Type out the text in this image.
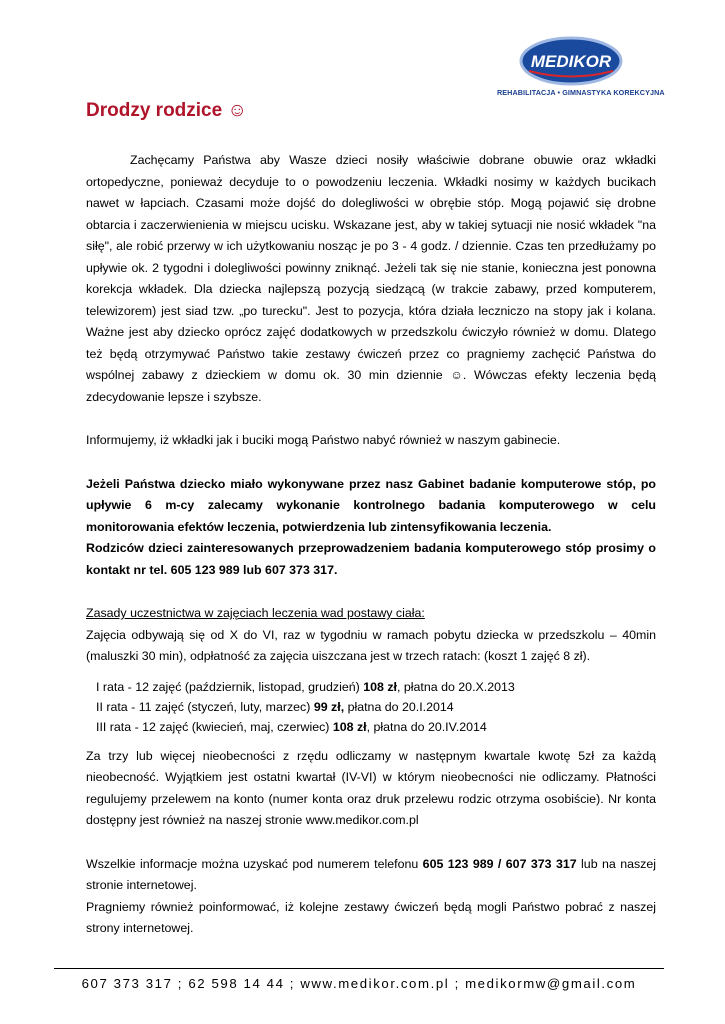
MEDIKOR
REHABILITACJA • GIMNASTYKA KOREKCYJNA
Drodzy rodzice ☺

Zachęcamy Państwa aby Wasze dzieci nosiły właściwie dobrane obuwie oraz wkładki ortopedyczne, ponieważ decyduje to o powodzeniu leczenia. Wkładki nosimy w każdych bucikach nawet w łapciach. Czasami może dojść do dolegliwości w obrębie stóp. Mogą pojawić się drobne obtarcia i zaczerwienienia w miejscu ucisku. Wskazane jest, aby w takiej sytuacji nie nosić wkładek "na siłę", ale robić przerwy w ich użytkowaniu nosząc je po 3 - 4 godz. / dziennie. Czas ten przedłużamy po upływie ok. 2 tygodni i dolegliwości powinny zniknąć. Jeżeli tak się nie stanie, konieczna jest ponowna korekcja wkładek. Dla dziecka najlepszą pozycją siedzącą (w trakcie zabawy, przed komputerem, telewizorem) jest siad tzw. „po turecku". Jest to pozycja, która działa leczniczo na stopy jak i kolana. Ważne jest aby dziecko oprócz zajęć dodatkowych w przedszkolu ćwiczyło również w domu. Dlatego też będą otrzymywać Państwo takie zestawy ćwiczeń przez co pragniemy zachęcić Państwa do wspólnej zabawy z dzieckiem w domu ok. 30 min dziennie ☺. Wówczas efekty leczenia będą zdecydowanie lepsze i szybsze.

Informujemy, iż wkładki jak i buciki mogą Państwo nabyć również w naszym gabinecie.

Jeżeli Państwa dziecko miało wykonywane przez nasz Gabinet badanie komputerowe stóp, po upływie 6 m-cy zalecamy wykonanie kontrolnego badania komputerowego w celu monitorowania efektów leczenia, potwierdzenia lub zintensyfikowania leczenia.

Rodziców dzieci zainteresowanych przeprowadzeniem badania komputerowego stóp prosimy o kontakt nr tel. 605 123 989 lub 607 373 317.

Zasady uczestnictwa w zajęciach leczenia wad postawy ciała:

Zajęcia odbywają się od X do VI, raz w tygodniu w ramach pobytu dziecka w przedszkolu – 40min (maluszki 30 min), odpłatność za zajęcia uiszczana jest w trzech ratach: (koszt 1 zajęć 8 zł).

I rata - 12 zajęć (październik, listopad, grudzień) 108 zł, płatna do 20.X.2013

II rata - 11 zajęć (styczeń, luty, marzec) 99 zł, płatna do 20.I.2014

III rata - 12 zajęć (kwiecień, maj, czerwiec) 108 zł, płatna do 20.IV.2014

Za trzy lub więcej nieobecności z rzędu odliczamy w następnym kwartale kwotę 5zł za każdą nieobecność. Wyjątkiem jest ostatni kwartał (IV-VI) w którym nieobecności nie odliczamy. Płatności regulujemy przelewem na konto (numer konta oraz druk przelewu rodzic otrzyma osobiście). Nr konta dostępny jest również na naszej stronie www.medikor.com.pl

Wszelkie informacje można uzyskać pod numerem telefonu 605 123 989 / 607 373 317 lub na naszej stronie internetowej.

Pragniemy również poinformować, iż kolejne zestawy ćwiczeń będą mogli Państwo pobrać z naszej strony internetowej.

607 373 317 ; 62 598 14 44 ; www.medikor.com.pl ; medikormw@gmail.com
